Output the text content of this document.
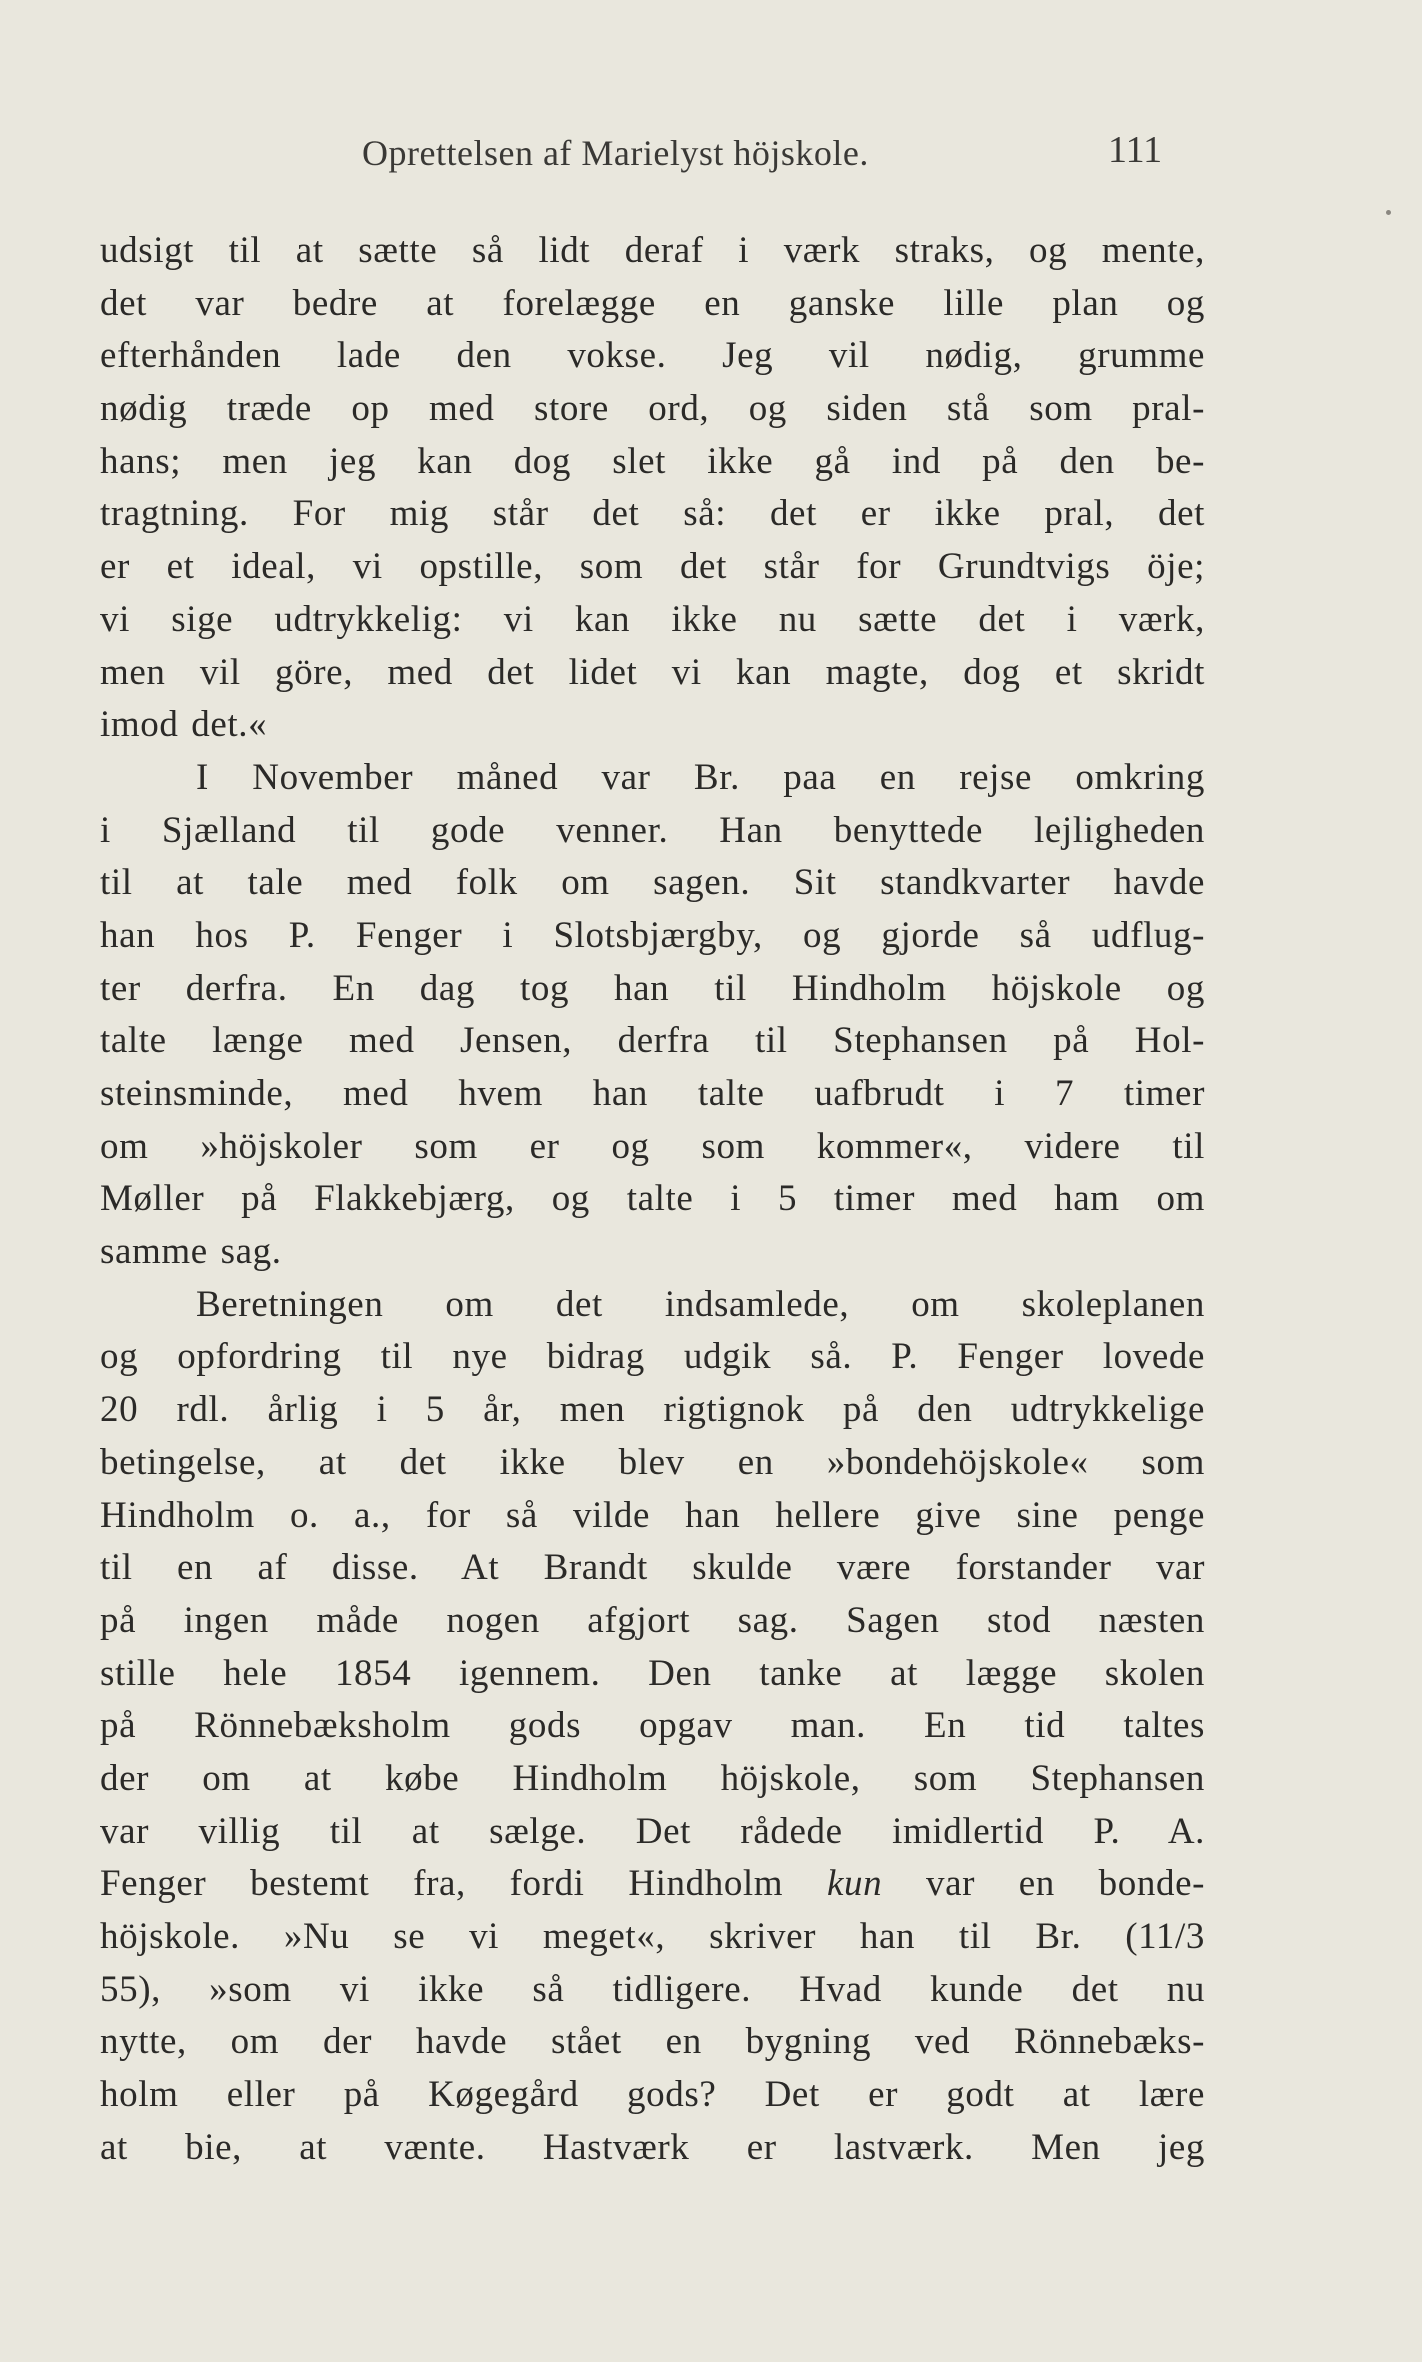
Oprettelsen af Marielyst höjskole.	111
udsigt til at sætte så lidt deraf i værk straks, og mente,
det var bedre at forelægge en ganske lille plan og
efterhånden lade den vokse. Jeg vil nødig, grumme
nødig træde op med store ord, og siden stå som pral-
hans; men jeg kan dog slet ikke gå ind på den be-
tragtning. For mig står det så: det er ikke pral, det
er et ideal, vi opstille, som det står for Grundtvigs öje;
vi sige udtrykkelig: vi kan ikke nu sætte det i værk,
men vil göre, med det lidet vi kan magte, dog et skridt
imod det.«
I November måned var Br. paa en rejse omkring
i Sjælland til gode venner. Han benyttede lejligheden
til at tale med folk om sagen. Sit standkvarter havde
han hos P. Fenger i Slotsbjærgby, og gjorde så udflug-
ter derfra. En dag tog han til Hindholm höjskole og
talte længe med Jensen, derfra til Stephansen på Hol-
steinsminde, med hvem han talte uafbrudt i 7 timer
om »höjskoler som er og som kommer«, videre til
Møller på Flakkebjærg, og talte i 5 timer med ham om
samme sag.
Beretningen om det indsamlede, om skoleplanen
og opfordring til nye bidrag udgik så. P. Fenger lovede
20 rdl. årlig i 5 år, men rigtignok på den udtrykkelige
betingelse, at det ikke blev en »bondehöjskole« som
Hindholm o. a., for så vilde han hellere give sine penge
til en af disse. At Brandt skulde være forstander var
på ingen måde nogen afgjort sag. Sagen stod næsten
stille hele 1854 igennem. Den tanke at lægge skolen
på Rönnebæksholm gods opgav man. En tid taltes
der om at købe Hindholm höjskole, som Stephansen
var villig til at sælge. Det rådede imidlertid P. A.
Fenger bestemt fra, fordi Hindholm kun var en bonde-
höjskole. »Nu se vi meget«, skriver han til Br. (11/3
55), »som vi ikke så tidligere. Hvad kunde det nu
nytte, om der havde stået en bygning ved Rönnebæks-
holm eller på Køgegård gods? Det er godt at lære
at bie, at vænte. Hastværk er lastværk. Men jeg
